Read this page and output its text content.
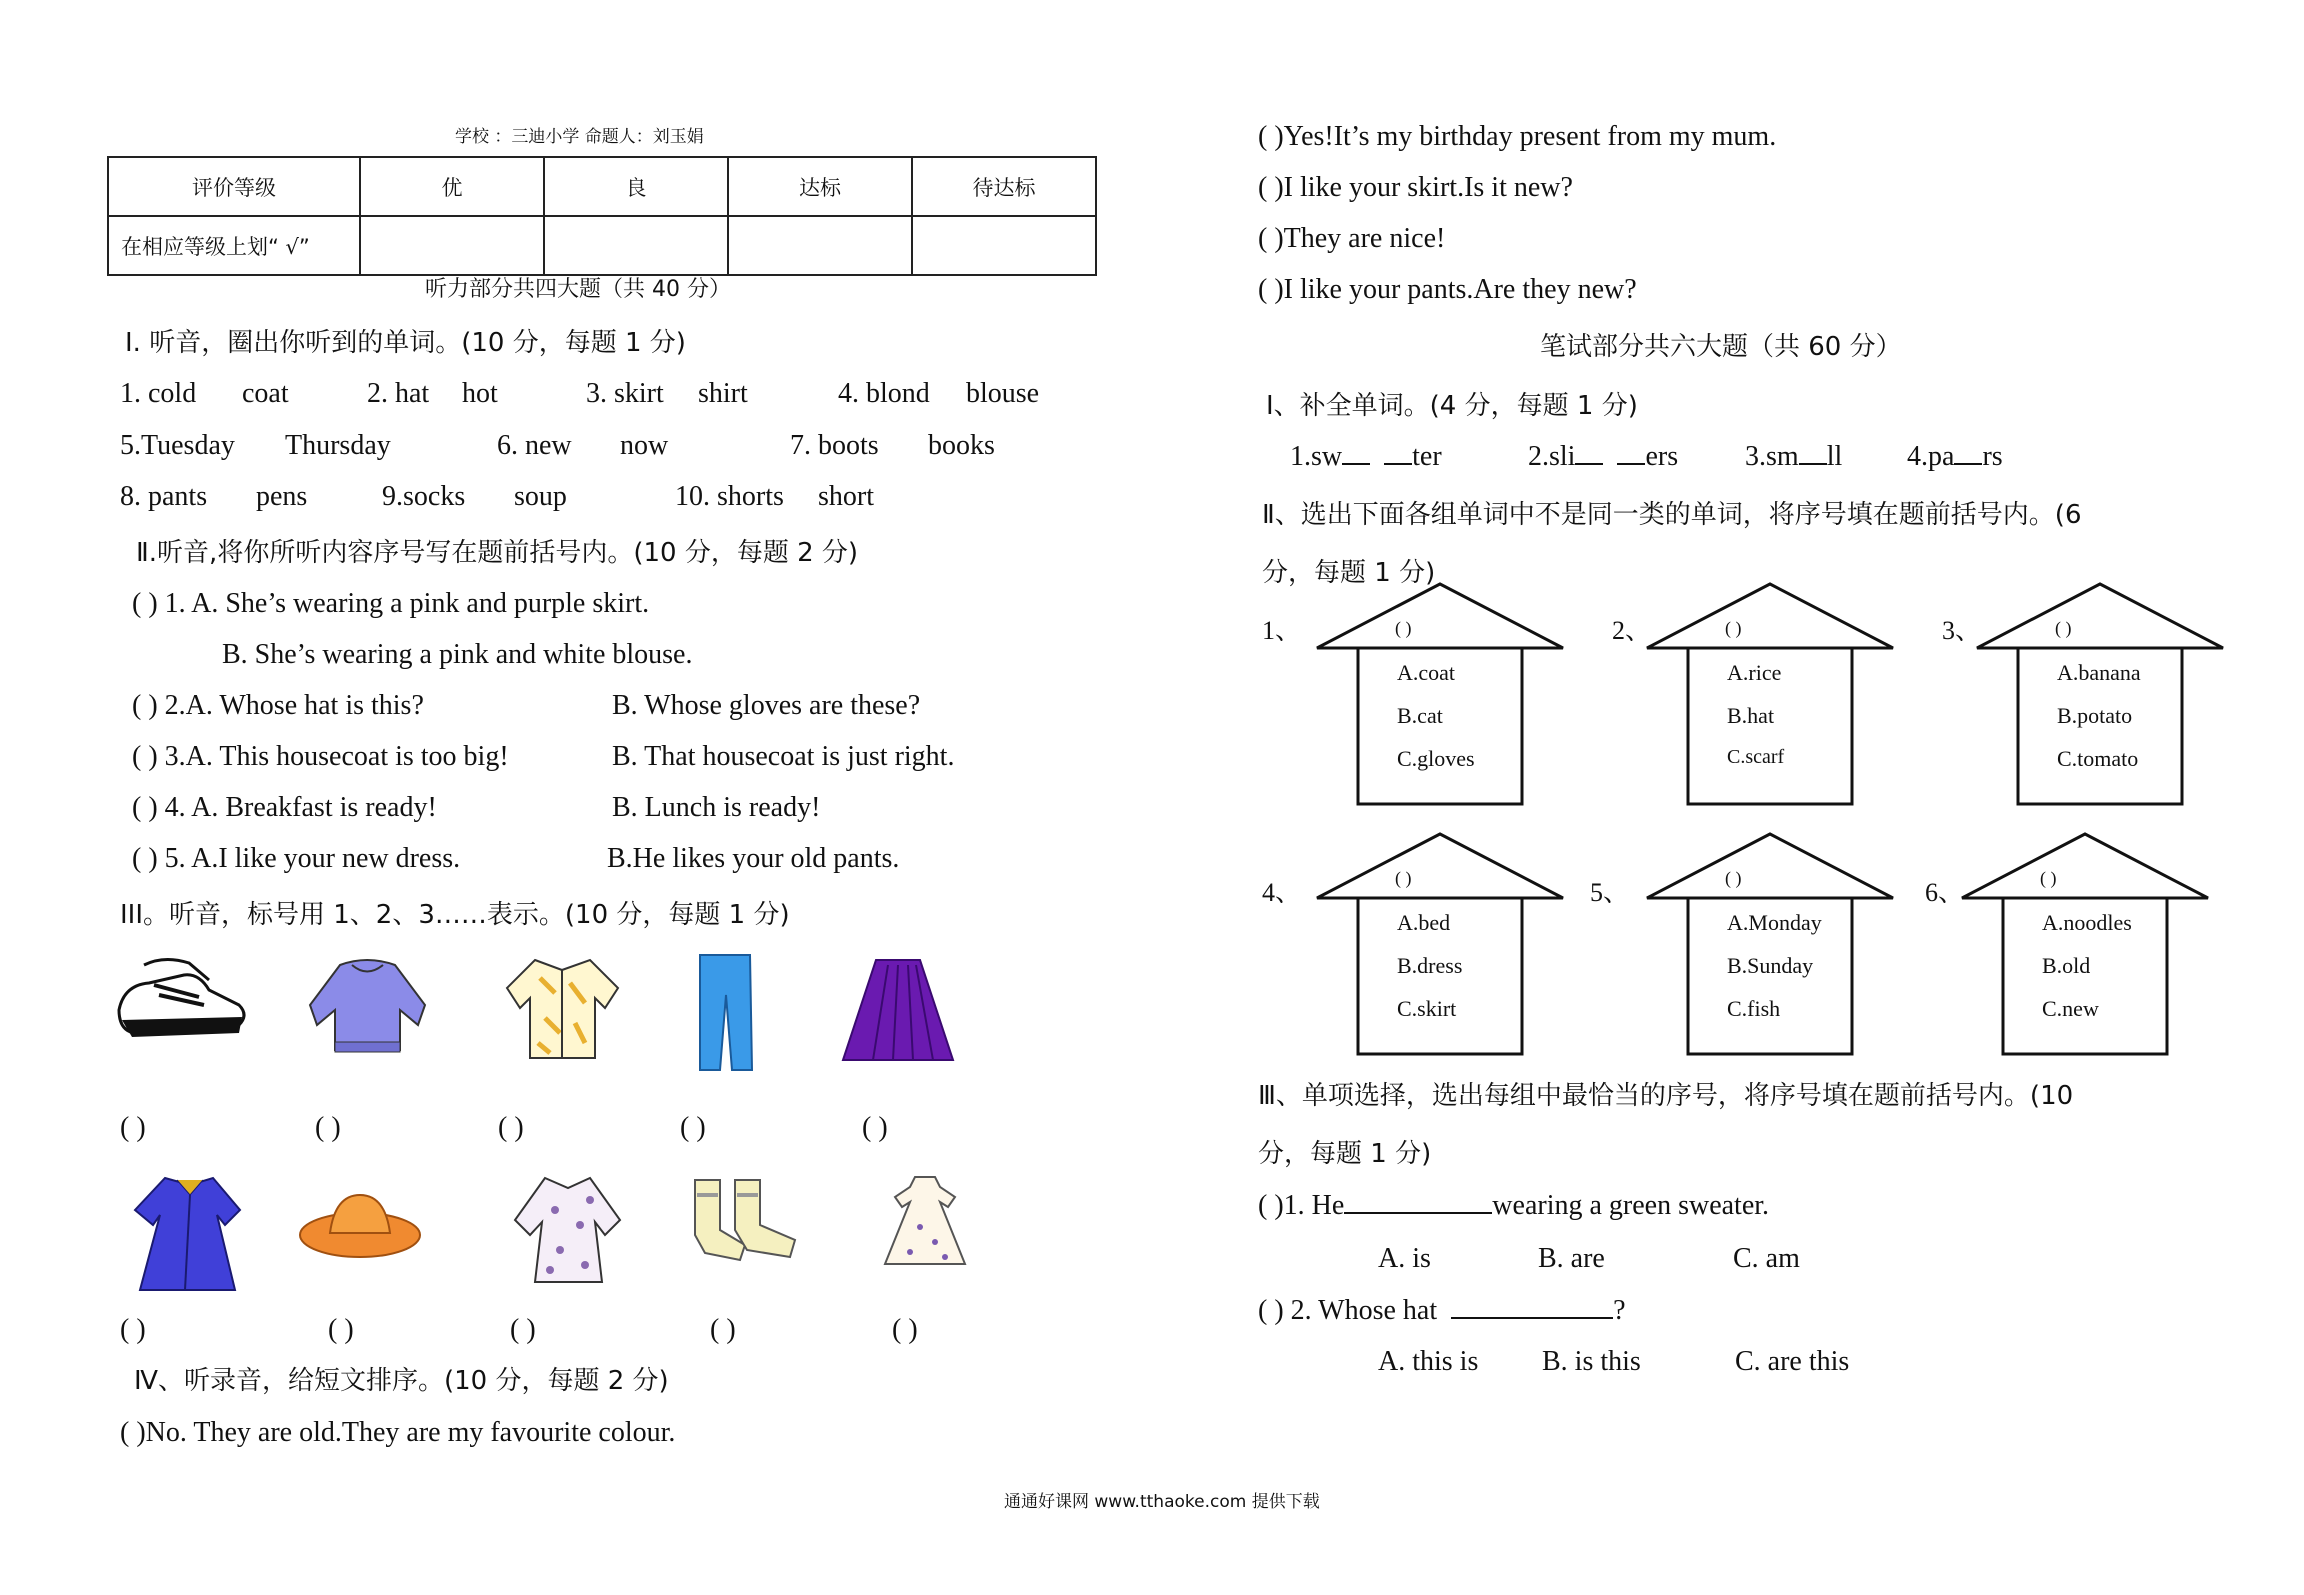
学校 ：三迪小学 命题人：刘玉娟
评价等级	优	良	达标	待达标
在相应等级上划“ √”				
听力部分共四大题（共 40 分）
Ⅰ. 听音，圈出你听到的单词。(10 分，每题 1 分)
1. cold coat	2. hat hot	3. skirt shirt	4. blond blouse
5.Tuesday Thursday	6. new now	7. boots books
8. pants pens	9.socks soup	10. shorts short
Ⅱ.听音,将你所听内容序号写在题前括号内。(10 分，每题 2 分)
( ) 1. A. She’s wearing a pink and purple skirt.
B. She’s wearing a pink and white blouse.
( ) 2.A. Whose hat is this?	B. Whose gloves are these?
( ) 3.A. This housecoat is too big!	B. That housecoat is just right.
( ) 4. A. Breakfast is ready!	B. Lunch is ready!
( ) 5. A.I like your new dress.	B.He likes your old pants.
III。听音，标号用 1、2、3……表示。(10 分，每题 1 分)
( )	( )	( )	( )	( )
( )	( )	( )	( )	( )
Ⅳ、听录音，给短文排序。(10 分，每题 2 分)
( )No. They are old.They are my favourite colour.
( )Yes!It’s my birthday present from my mum.
( )I like your skirt.Is it new?
( )They are nice!
( )I like your pants.Are they new?
笔试部分共六大题（共 60 分）
Ⅰ、补全单词。(4 分，每题 1 分)
1.sw	ter	2.sli	ers 3.sm ll 4.pa rs
Ⅱ、选出下面各组单词中不是同一类的单词，将序号填在题前括号内。(6
分，每题 1 分)
1、	2、	3、
4、	5、	6、
( )
A.coat
B.cat
C.gloves
( )
A.rice
B.hat
C.scarf
( )
A.banana
B.potato
C.tomato
( )
A.bed
B.dress
C.skirt
( )
A.Monday
B.Sunday
C.fish
( )
A.noodles
B.old
C.new
Ⅲ、单项选择，选出每组中最恰当的序号，将序号填在题前括号内。(10
分，每题 1 分)
( )1. He	wearing a green sweater.
A. is	B. are	C. am
( ) 2. Whose hat	?
A. this is B. is this	C. are this
通通好课网 www.tthaoke.com 提供下载
